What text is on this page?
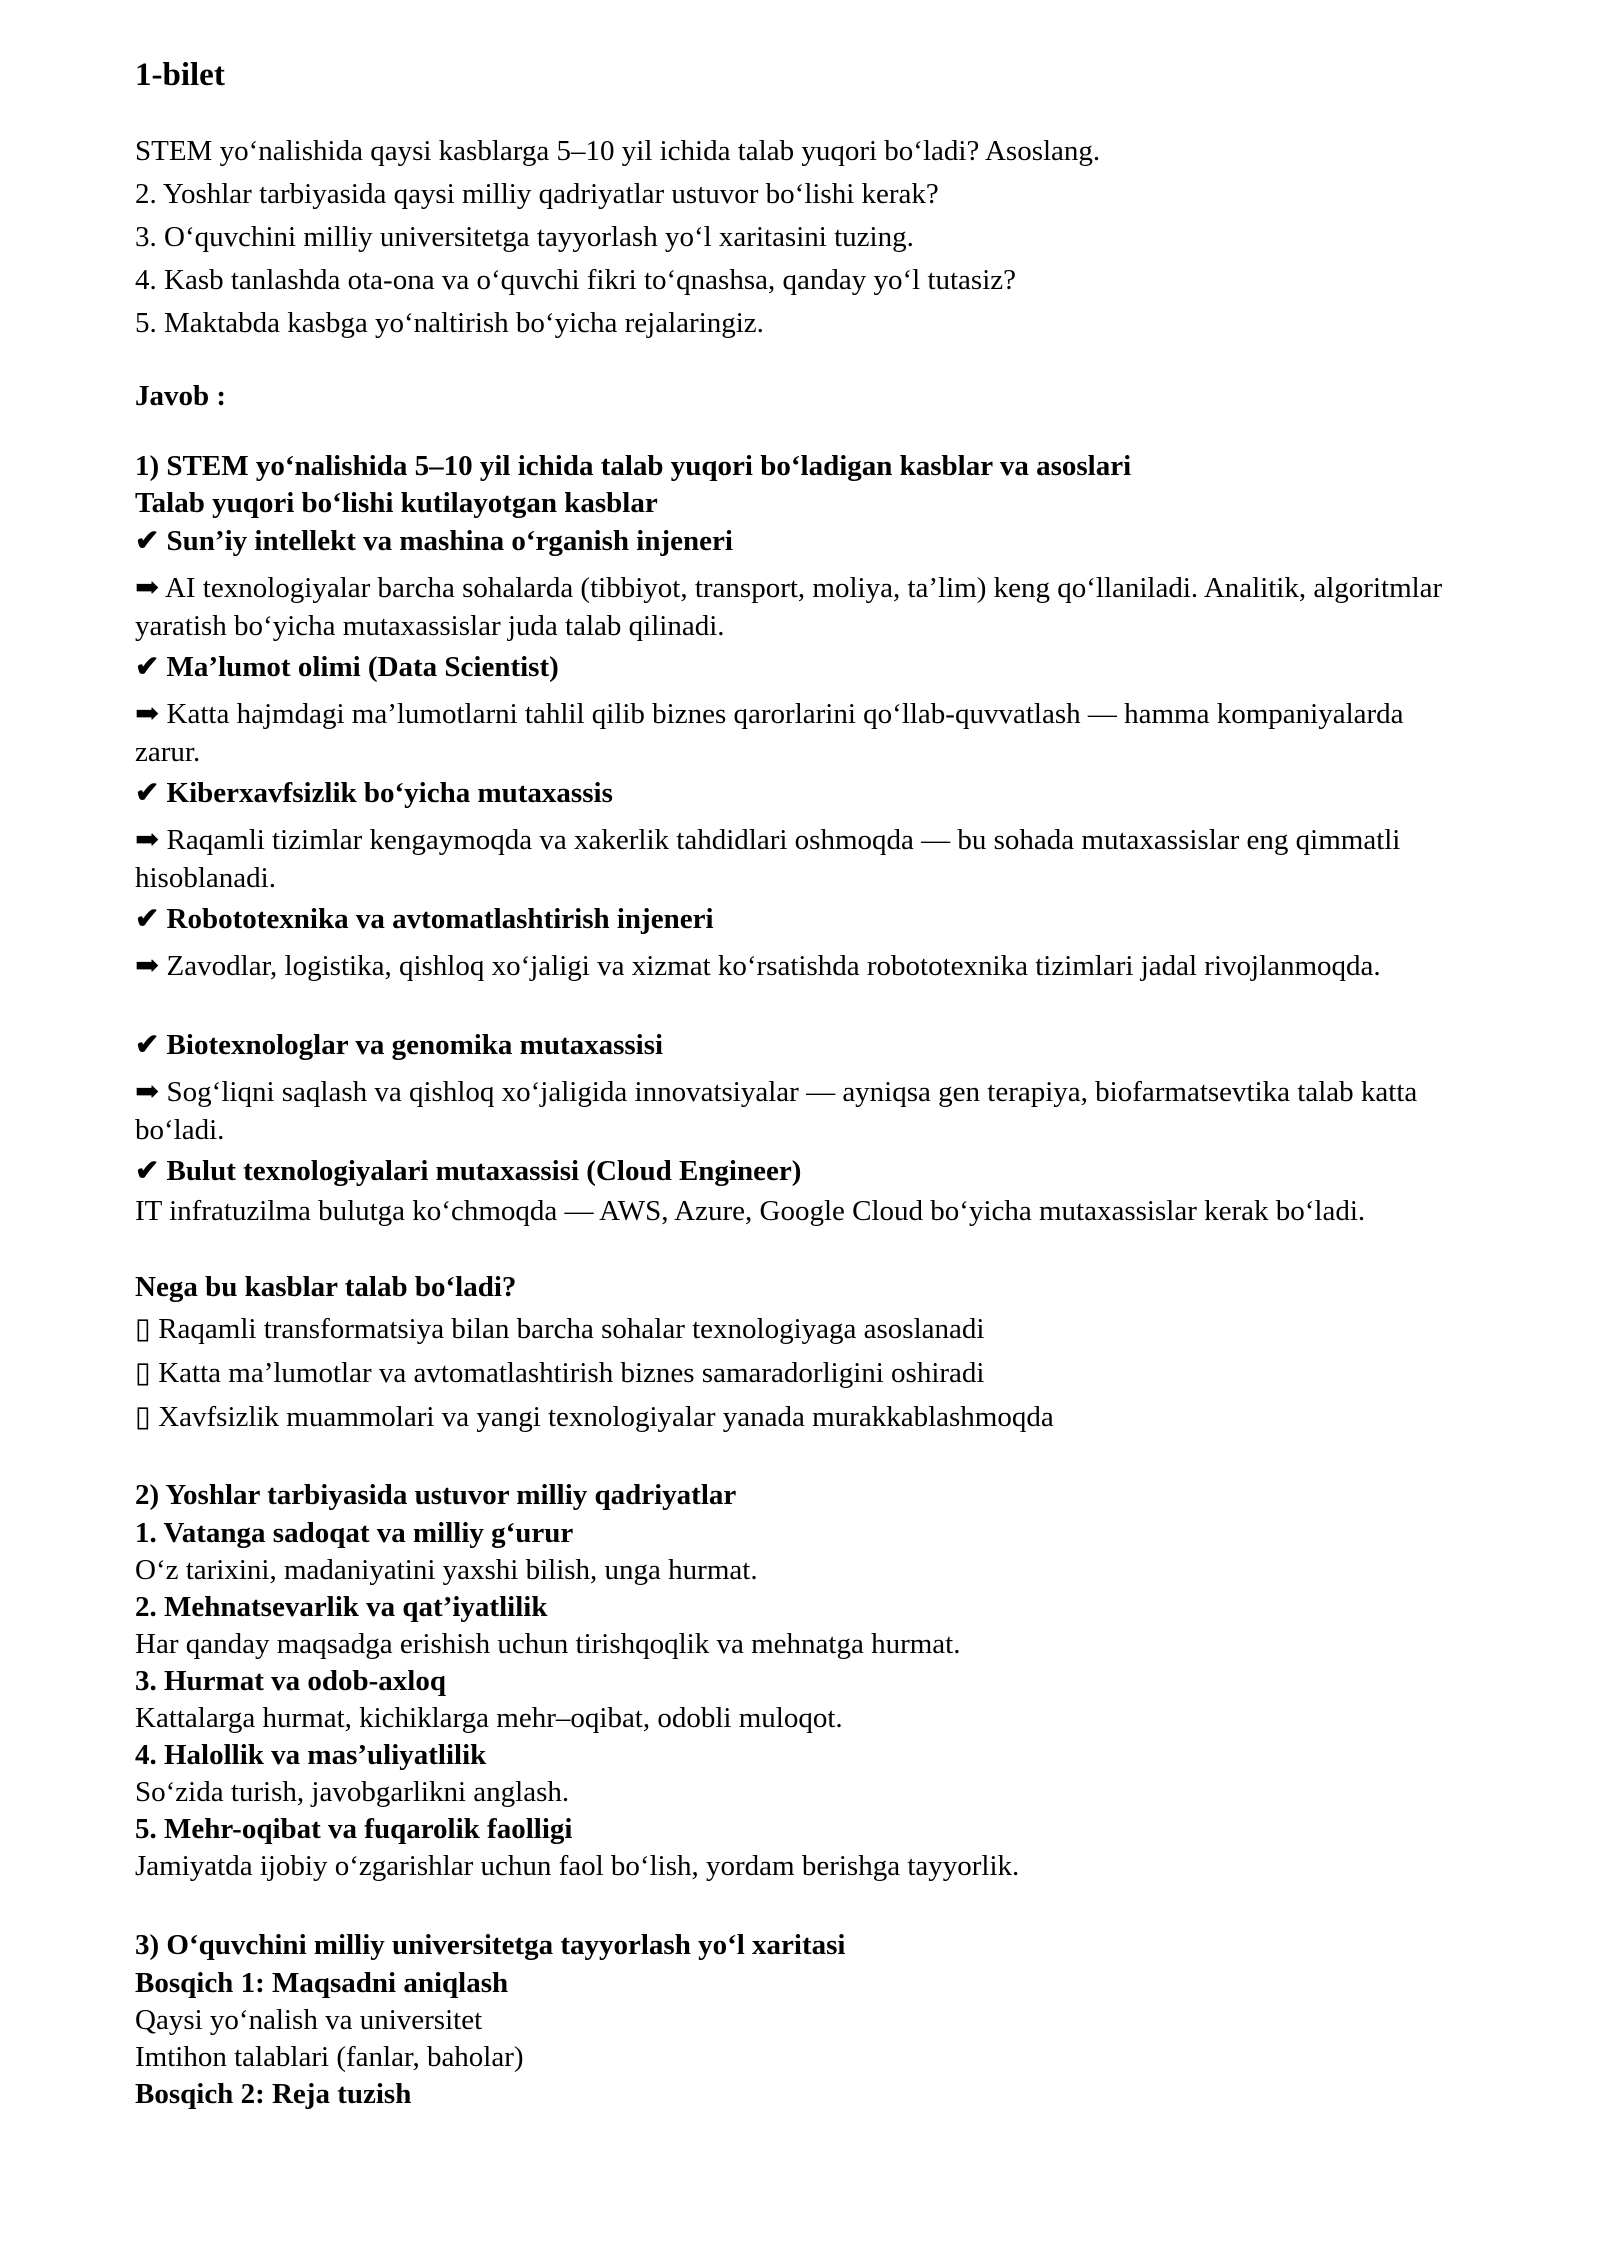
1-bilet

STEM yo‘nalishida qaysi kasblarga 5–10 yil ichida talab yuqori bo‘ladi? Asoslang.

2. Yoshlar tarbiyasida qaysi milliy qadriyatlar ustuvor bo‘lishi kerak?

3. O‘quvchini milliy universitetga tayyorlash yo‘l xaritasini tuzing.

4. Kasb tanlashda ota-ona va o‘quvchi fikri to‘qnashsa, qanday yo‘l tutasiz?

5. Maktabda kasbga yo‘naltirish bo‘yicha rejalaringiz.

Javob :

1) STEM yo‘nalishida 5–10 yil ichida talab yuqori bo‘ladigan kasblar va asoslari

Talab yuqori bo‘lishi kutilayotgan kasblar

✔ Sun’iy intellekt va mashina o‘rganish injeneri

➡ AI texnologiyalar barcha sohalarda (tibbiyot, transport, moliya, ta’lim) keng qo‘llaniladi. Analitik, algoritmlar yaratish bo‘yicha mutaxassislar juda talab qilinadi.

✔ Ma’lumot olimi (Data Scientist)

➡ Katta hajmdagi ma’lumotlarni tahlil qilib biznes qarorlarini qo‘llab-quvvatlash — hamma kompaniyalarda zarur.

✔ Kiberxavfsizlik bo‘yicha mutaxassis

➡ Raqamli tizimlar kengaymoqda va xakerlik tahdidlari oshmoqda — bu sohada mutaxassislar eng qimmatli hisoblanadi.

✔ Robototexnika va avtomatlashtirish injeneri

➡ Zavodlar, logistika, qishloq xo‘jaligi va xizmat ko‘rsatishda robototexnika tizimlari jadal rivojlanmoqda.

✔ Biotexnologlar va genomika mutaxassisi

➡ Sog‘liqni saqlash va qishloq xo‘jaligida innovatsiyalar — ayniqsa gen terapiya, biofarmatsevtika talab katta bo‘ladi.

✔ Bulut texnologiyalari mutaxassisi (Cloud Engineer)

IT infratuzilma bulutga ko‘chmoqda — AWS, Azure, Google Cloud bo‘yicha mutaxassislar kerak bo‘ladi.

Nega bu kasblar talab bo‘ladi?

▯ Raqamli transformatsiya bilan barcha sohalar texnologiyaga asoslanadi

▯ Katta ma’lumotlar va avtomatlashtirish biznes samaradorligini oshiradi

▯ Xavfsizlik muammolari va yangi texnologiyalar yanada murakkablashmoqda

2) Yoshlar tarbiyasida ustuvor milliy qadriyatlar

1. Vatanga sadoqat va milliy g‘urur

O‘z tarixini, madaniyatini yaxshi bilish, unga hurmat.

2. Mehnatsevarlik va qat’iyatlilik

Har qanday maqsadga erishish uchun tirishqoqlik va mehnatga hurmat.

3. Hurmat va odob-axloq

Kattalarga hurmat, kichiklarga mehr–oqibat, odobli muloqot.

4. Halollik va mas’uliyatlilik

So‘zida turish, javobgarlikni anglash.

5. Mehr-oqibat va fuqarolik faolligi

Jamiyatda ijobiy o‘zgarishlar uchun faol bo‘lish, yordam berishga tayyorlik.

3) O‘quvchini milliy universitetga tayyorlash yo‘l xaritasi

Bosqich 1: Maqsadni aniqlash

Qaysi yo‘nalish va universitet

Imtihon talablari (fanlar, baholar)

Bosqich 2: Reja tuzish
